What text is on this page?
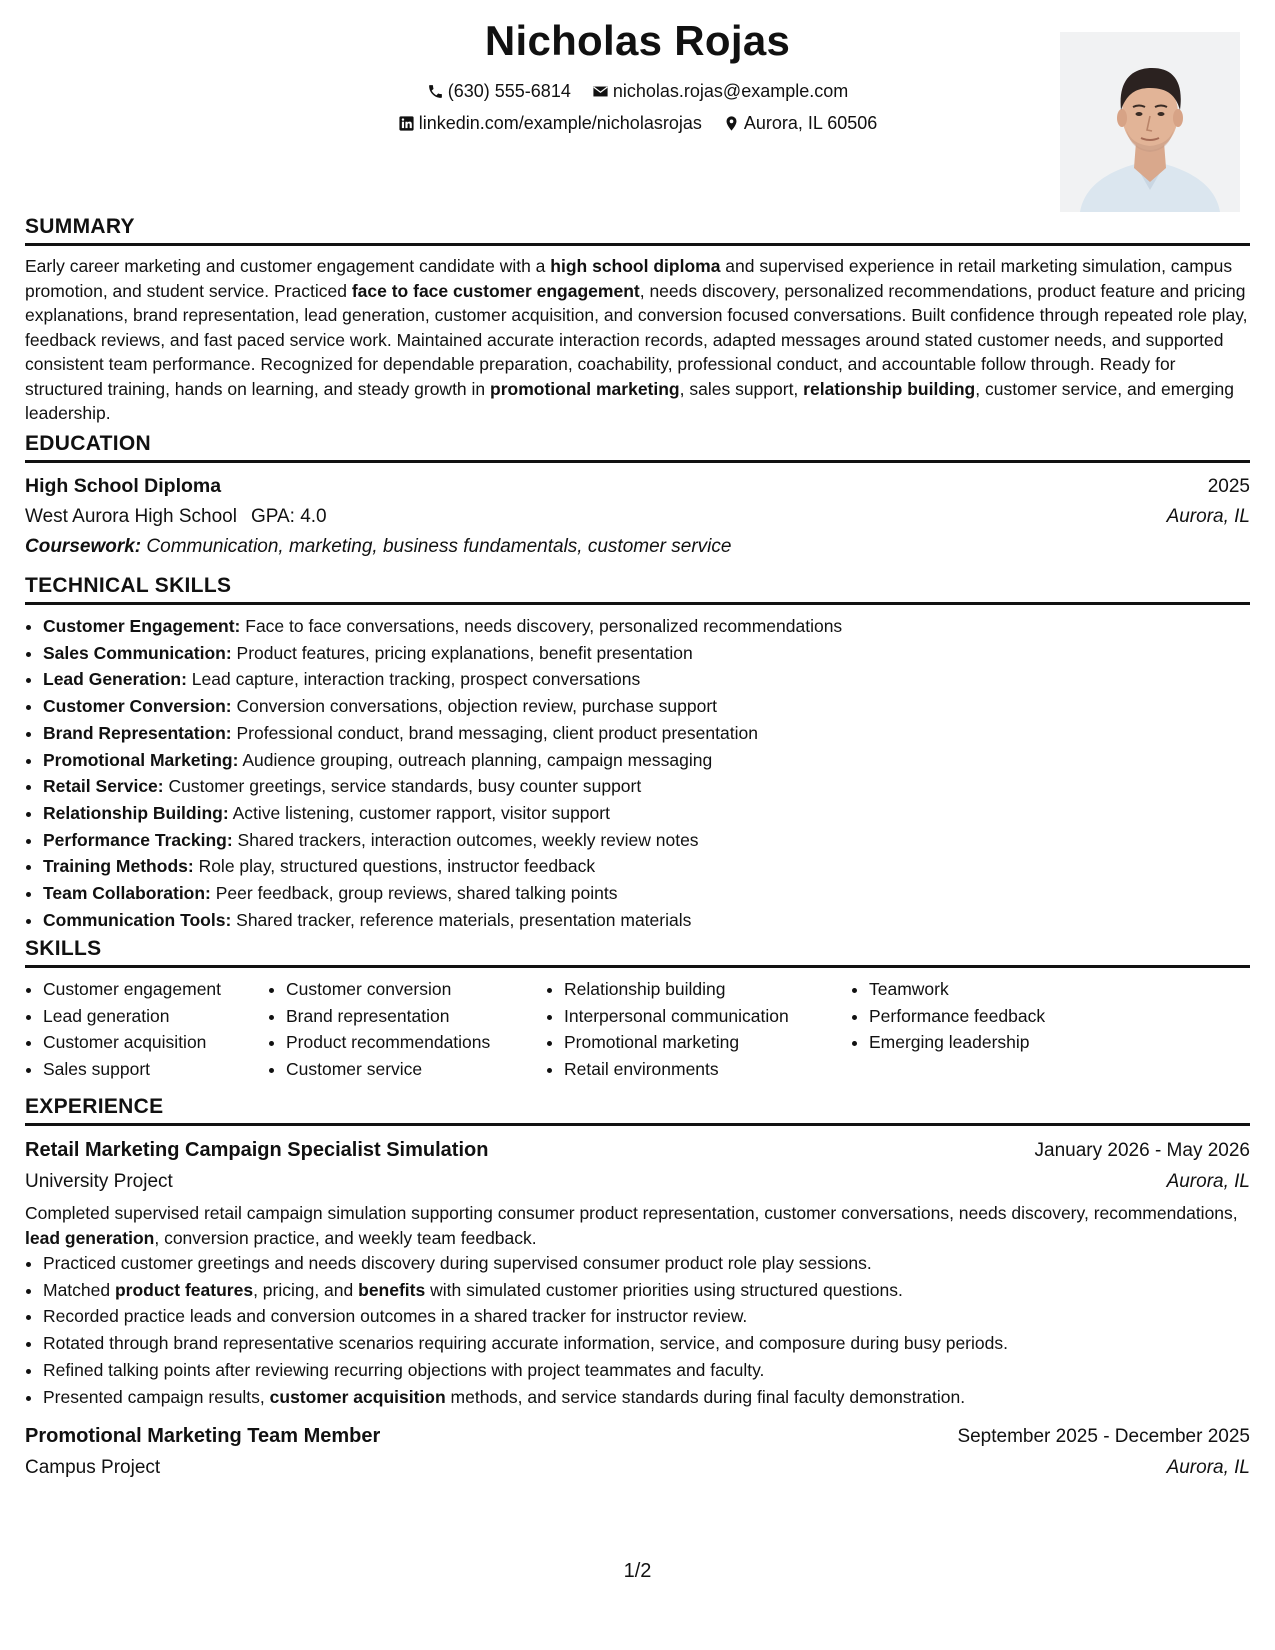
Nicholas Rojas
(630) 555-6814
nicholas.rojas@example.com
linkedin.com/example/nicholasrojas
Aurora, IL 60506
SUMMARY
Early career marketing and customer engagement candidate with a high school diploma and supervised experience in retail marketing simulation, campus promotion, and student service. Practiced face to face customer engagement, needs discovery, personalized recommendations, product feature and pricing explanations, brand representation, lead generation, customer acquisition, and conversion focused conversations. Built confidence through repeated role play, feedback reviews, and fast paced service work. Maintained accurate interaction records, adapted messages around stated customer needs, and supported consistent team performance. Recognized for dependable preparation, coachability, professional conduct, and accountable follow through. Ready for structured training, hands on learning, and steady growth in promotional marketing, sales support, relationship building, customer service, and emerging leadership.
EDUCATION
High School Diploma	2025
West Aurora High School GPA: 4.0	Aurora, IL
Coursework: Communication, marketing, business fundamentals, customer service
TECHNICAL SKILLS
• Customer Engagement: Face to face conversations, needs discovery, personalized recommendations
• Sales Communication: Product features, pricing explanations, benefit presentation
• Lead Generation: Lead capture, interaction tracking, prospect conversations
• Customer Conversion: Conversion conversations, objection review, purchase support
• Brand Representation: Professional conduct, brand messaging, client product presentation
• Promotional Marketing: Audience grouping, outreach planning, campaign messaging
• Retail Service: Customer greetings, service standards, busy counter support
• Relationship Building: Active listening, customer rapport, visitor support
• Performance Tracking: Shared trackers, interaction outcomes, weekly review notes
• Training Methods: Role play, structured questions, instructor feedback
• Team Collaboration: Peer feedback, group reviews, shared talking points
• Communication Tools: Shared tracker, reference materials, presentation materials
SKILLS
• Customer engagement
• Lead generation
• Customer acquisition
• Sales support
• Customer conversion
• Brand representation
• Product recommendations
• Customer service
• Relationship building
• Interpersonal communication
• Promotional marketing
• Retail environments
• Teamwork
• Performance feedback
• Emerging leadership
EXPERIENCE
Retail Marketing Campaign Specialist Simulation	January 2026 - May 2026
University Project	Aurora, IL
Completed supervised retail campaign simulation supporting consumer product representation, customer conversations, needs discovery, recommendations, lead generation, conversion practice, and weekly team feedback.
• Practiced customer greetings and needs discovery during supervised consumer product role play sessions.
• Matched product features, pricing, and benefits with simulated customer priorities using structured questions.
• Recorded practice leads and conversion outcomes in a shared tracker for instructor review.
• Rotated through brand representative scenarios requiring accurate information, service, and composure during busy periods.
• Refined talking points after reviewing recurring objections with project teammates and faculty.
• Presented campaign results, customer acquisition methods, and service standards during final faculty demonstration.
Promotional Marketing Team Member	September 2025 - December 2025
Campus Project	Aurora, IL
1/2
